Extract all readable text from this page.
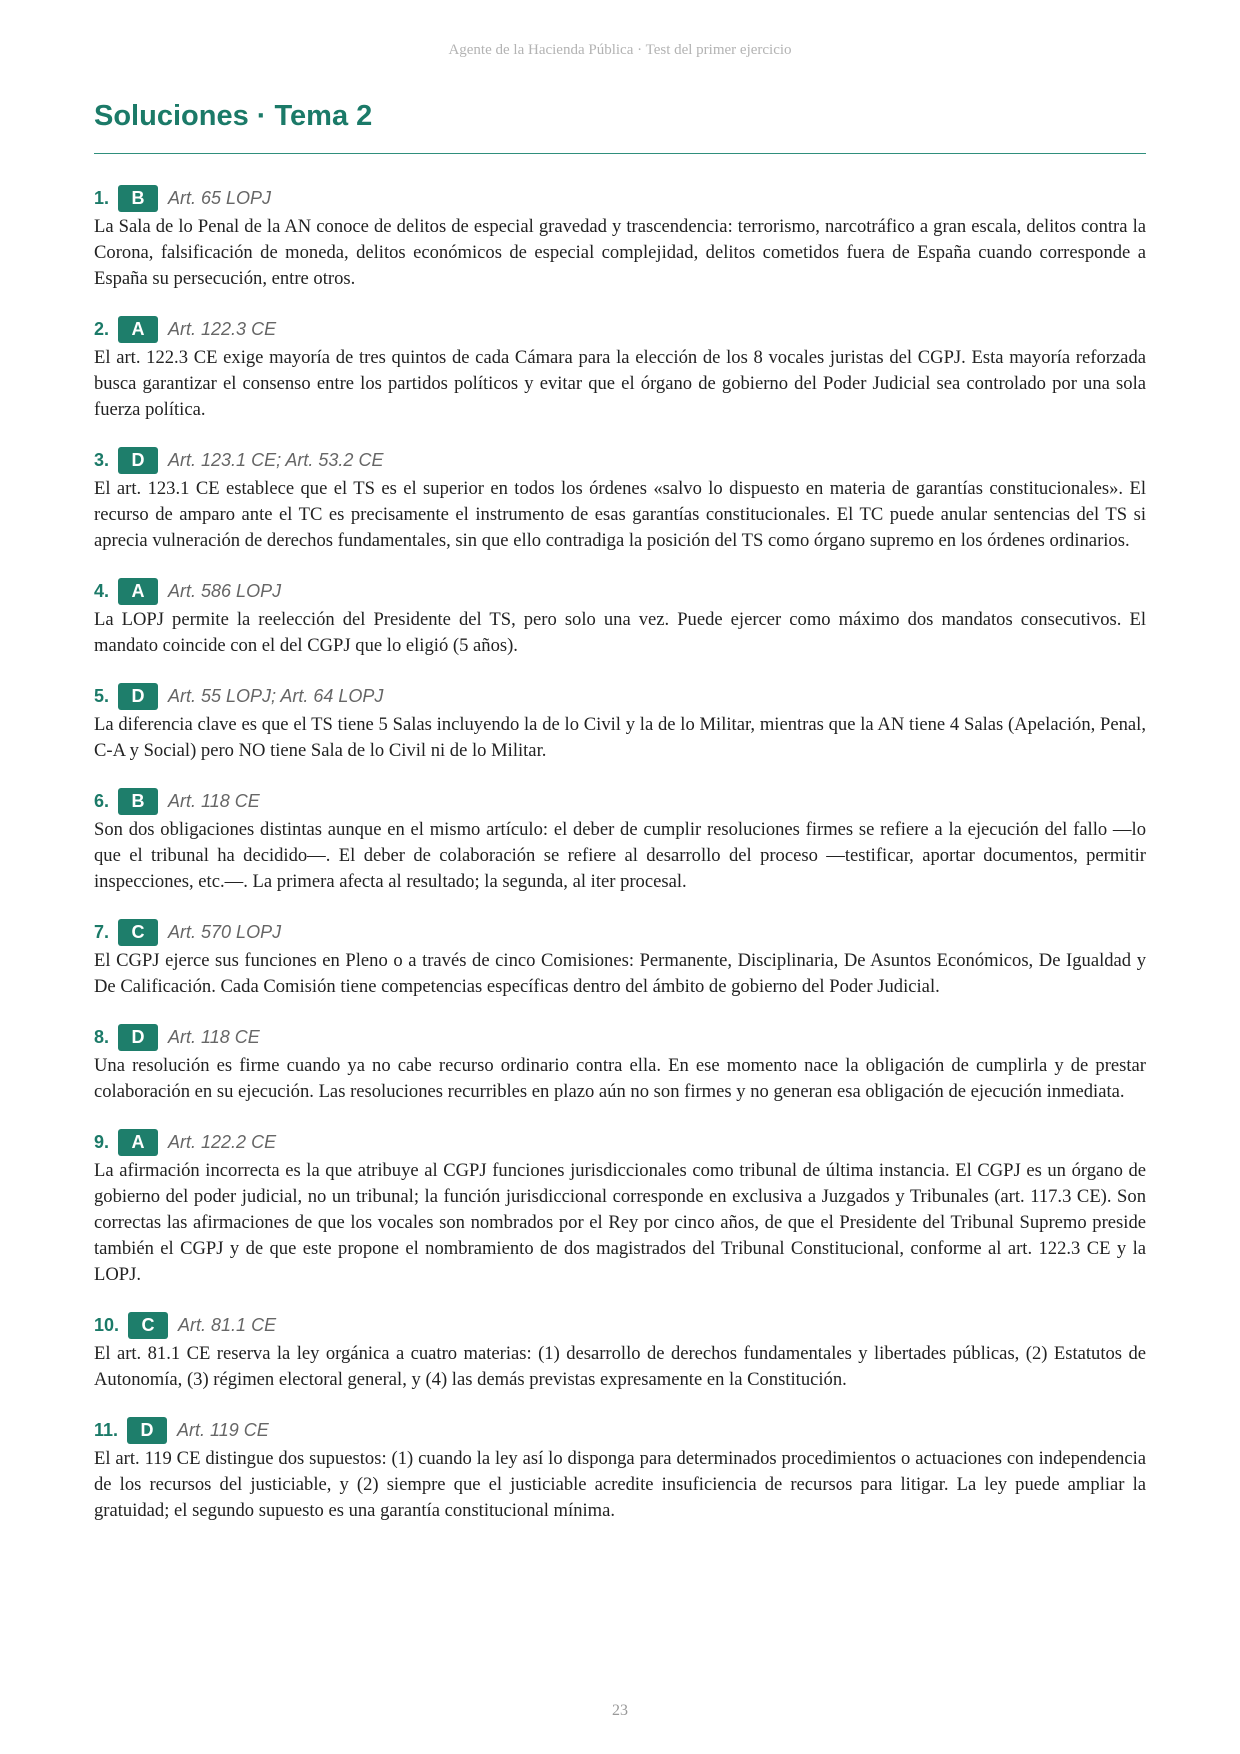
Agente de la Hacienda Pública · Test del primer ejercicio
Soluciones · Tema 2
1.	B	Art. 65 LOPJ

La Sala de lo Penal de la AN conoce de delitos de especial gravedad y trascendencia: terrorismo, narcotráfico a gran escala, delitos contra la Corona, falsificación de moneda, delitos económicos de especial complejidad, delitos cometidos fuera de España cuando corresponde a España su persecución, entre otros.

2.	A	Art. 122.3 CE

El art. 122.3 CE exige mayoría de tres quintos de cada Cámara para la elección de los 8 vocales juristas del CGPJ. Esta mayoría reforzada busca garantizar el consenso entre los partidos políticos y evitar que el órgano de gobierno del Poder Judicial sea controlado por una sola fuerza política.

3.	D	Art. 123.1 CE; Art. 53.2 CE

El art. 123.1 CE establece que el TS es el superior en todos los órdenes «salvo lo dispuesto en materia de garantías constitucionales». El recurso de amparo ante el TC es precisamente el instrumento de esas garantías constitucionales. El TC puede anular sentencias del TS si aprecia vulneración de derechos fundamentales, sin que ello contradiga la posición del TS como órgano supremo en los órdenes ordinarios.

4.	A	Art. 586 LOPJ

La LOPJ permite la reelección del Presidente del TS, pero solo una vez. Puede ejercer como máximo dos mandatos consecutivos. El mandato coincide con el del CGPJ que lo eligió (5 años).

5.	D	Art. 55 LOPJ; Art. 64 LOPJ

La diferencia clave es que el TS tiene 5 Salas incluyendo la de lo Civil y la de lo Militar, mientras que la AN tiene 4 Salas (Apelación, Penal, C-A y Social) pero NO tiene Sala de lo Civil ni de lo Militar.

6.	B	Art. 118 CE

Son dos obligaciones distintas aunque en el mismo artículo: el deber de cumplir resoluciones firmes se refiere a la ejecución del fallo —lo que el tribunal ha decidido—. El deber de colaboración se refiere al desarrollo del proceso —testificar, aportar documentos, permitir inspecciones, etc.—. La primera afecta al resultado; la segunda, al iter procesal.

7.	C	Art. 570 LOPJ

El CGPJ ejerce sus funciones en Pleno o a través de cinco Comisiones: Permanente, Disciplinaria, De Asuntos Económicos, De Igualdad y De Calificación. Cada Comisión tiene competencias específicas dentro del ámbito de gobierno del Poder Judicial.

8.	D	Art. 118 CE

Una resolución es firme cuando ya no cabe recurso ordinario contra ella. En ese momento nace la obligación de cumplirla y de prestar colaboración en su ejecución. Las resoluciones recurribles en plazo aún no son firmes y no generan esa obligación de ejecución inmediata.

9.	A	Art. 122.2 CE

La afirmación incorrecta es la que atribuye al CGPJ funciones jurisdiccionales como tribunal de última instancia. El CGPJ es un órgano de gobierno del poder judicial, no un tribunal; la función jurisdiccional corresponde en exclusiva a Juzgados y Tribunales (art. 117.3 CE). Son correctas las afirmaciones de que los vocales son nombrados por el Rey por cinco años, de que el Presidente del Tribunal Supremo preside también el CGPJ y de que este propone el nombramiento de dos magistrados del Tribunal Constitucional, conforme al art. 122.3 CE y la LOPJ.

10.	C	Art. 81.1 CE

El art. 81.1 CE reserva la ley orgánica a cuatro materias: (1) desarrollo de derechos fundamentales y libertades públicas, (2) Estatutos de Autonomía, (3) régimen electoral general, y (4) las demás previstas expresamente en la Constitución.

11.	D	Art. 119 CE

El art. 119 CE distingue dos supuestos: (1) cuando la ley así lo disponga para determinados procedimientos o actuaciones con independencia de los recursos del justiciable, y (2) siempre que el justiciable acredite insuficiencia de recursos para litigar. La ley puede ampliar la gratuidad; el segundo supuesto es una garantía constitucional mínima.

23
